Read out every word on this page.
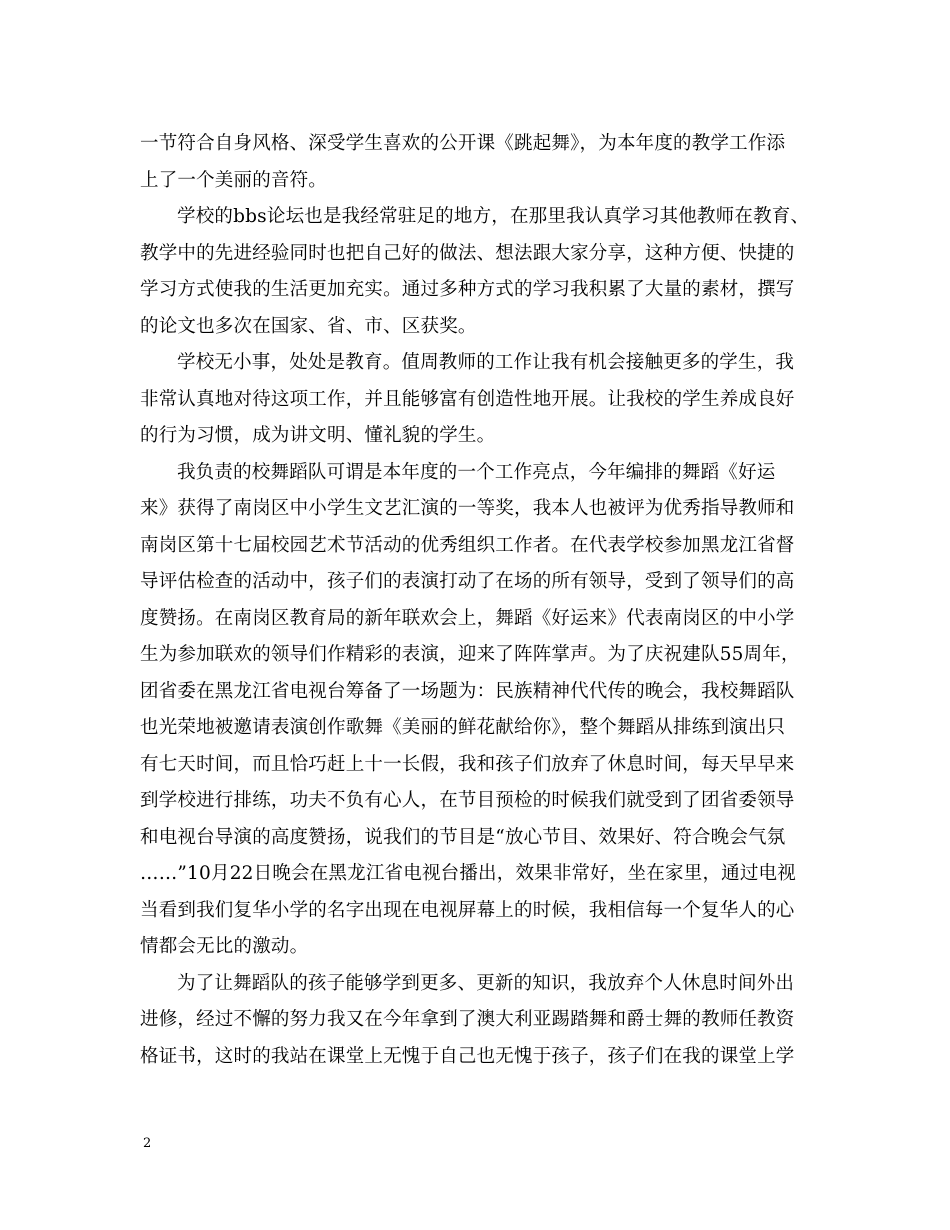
一节符合自身风格、深受学生喜欢的公开课《跳起舞》，为本年度的教学工作添
上了一个美丽的音符。
学校的bbs论坛也是我经常驻足的地方，在那里我认真学习其他教师在教育、
教学中的先进经验同时也把自己好的做法、想法跟大家分享，这种方便、快捷的
学习方式使我的生活更加充实。通过多种方式的学习我积累了大量的素材，撰写
的论文也多次在国家、省、市、区获奖。
学校无小事，处处是教育。值周教师的工作让我有机会接触更多的学生，我
非常认真地对待这项工作，并且能够富有创造性地开展。让我校的学生养成良好
的行为习惯，成为讲文明、懂礼貌的学生。
我负责的校舞蹈队可谓是本年度的一个工作亮点，今年编排的舞蹈《好运
来》获得了南岗区中小学生文艺汇演的一等奖，我本人也被评为优秀指导教师和
南岗区第十七届校园艺术节活动的优秀组织工作者。在代表学校参加黑龙江省督
导评估检查的活动中，孩子们的表演打动了在场的所有领导，受到了领导们的高
度赞扬。在南岗区教育局的新年联欢会上，舞蹈《好运来》代表南岗区的中小学
生为参加联欢的领导们作精彩的表演，迎来了阵阵掌声。为了庆祝建队55周年，
团省委在黑龙江省电视台筹备了一场题为：民族精神代代传的晚会，我校舞蹈队
也光荣地被邀请表演创作歌舞《美丽的鲜花献给你》，整个舞蹈从排练到演出只
有七天时间，而且恰巧赶上十一长假，我和孩子们放弃了休息时间，每天早早来
到学校进行排练，功夫不负有心人，在节目预检的时候我们就受到了团省委领导
和电视台导演的高度赞扬，说我们的节目是“放心节目、效果好、符合晚会气氛
……”10月22日晚会在黑龙江省电视台播出，效果非常好，坐在家里，通过电视
当看到我们复华小学的名字出现在电视屏幕上的时候，我相信每一个复华人的心
情都会无比的激动。
为了让舞蹈队的孩子能够学到更多、更新的知识，我放弃个人休息时间外出
进修，经过不懈的努力我又在今年拿到了澳大利亚踢踏舞和爵士舞的教师任教资
格证书，这时的我站在课堂上无愧于自己也无愧于孩子，孩子们在我的课堂上学
2
